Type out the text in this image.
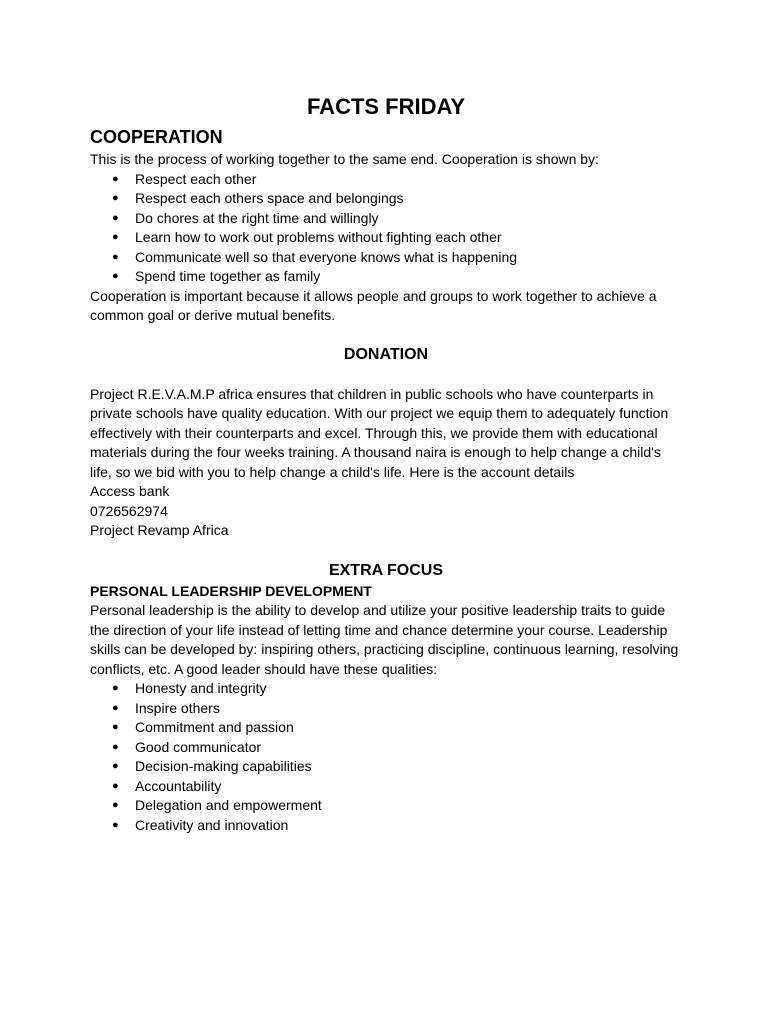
FACTS FRIDAY
COOPERATION

This is the process of working together to the same end. Cooperation is shown by:

● Respect each other
● Respect each others space and belongings
● Do chores at the right time and willingly
● Learn how to work out problems without fighting each other
● Communicate well so that everyone knows what is happening
● Spend time together as family

Cooperation is important because it allows people and groups to work together to achieve a common goal or derive mutual benefits.

DONATION

Project R.E.V.A.M.P africa ensures that children in public schools who have counterparts in private schools have quality education. With our project we equip them to adequately function effectively with their counterparts and excel. Through this, we provide them with educational materials during the four weeks training. A thousand naira is enough to help change a child's life, so we bid with you to help change a child's life. Here is the account details

Access bank

0726562974

Project Revamp Africa

EXTRA FOCUS
PERSONAL LEADERSHIP DEVELOPMENT

Personal leadership is the ability to develop and utilize your positive leadership traits to guide the direction of your life instead of letting time and chance determine your course. Leadership skills can be developed by: inspiring others, practicing discipline, continuous learning, resolving conflicts, etc. A good leader should have these qualities:

● Honesty and integrity
● Inspire others
● Commitment and passion
● Good communicator
● Decision-making capabilities
● Accountability
● Delegation and empowerment
● Creativity and innovation
